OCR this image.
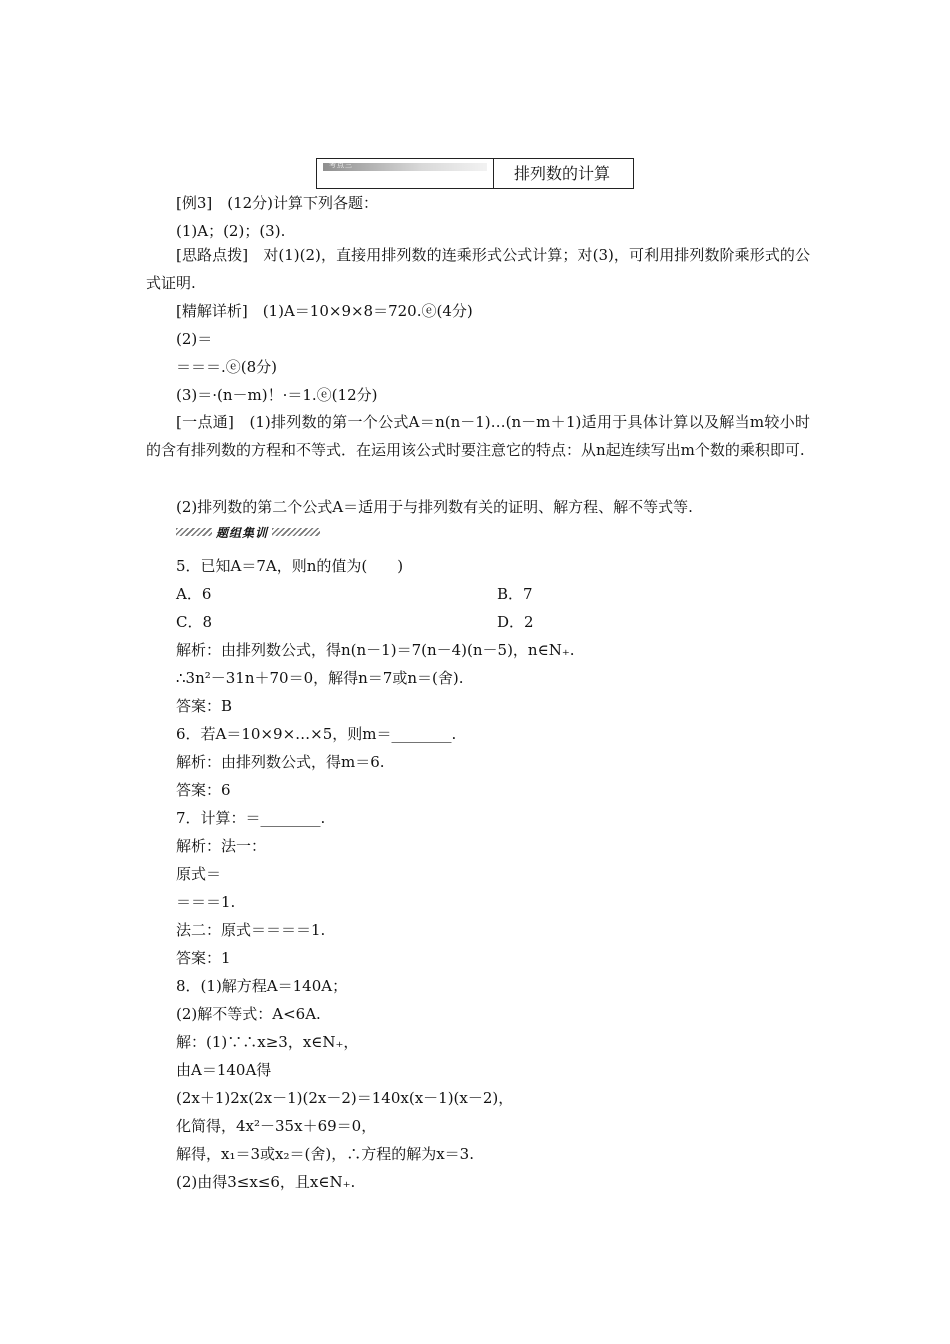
考点三	排列数的计算
[例3]　(12分)计算下列各题：
(1)A；(2)；(3).
[思路点拨]　对(1)(2)，直接用排列数的连乘形式公式计算；对(3)，可利用排列数阶乘形式的公式证明.
[精解详析]　(1)A＝10×9×8＝720.ⓔ(4分)
(2)＝
＝＝＝.ⓔ(8分)
(3)＝·(n－m)！·＝1.ⓔ(12分)
[一点通]　(1)排列数的第一个公式A＝n(n－1)…(n－m＋1)适用于具体计算以及解当m较小时的含有排列数的方程和不等式．在运用该公式时要注意它的特点：从n起连续写出m个数的乘积即可.
(2)排列数的第二个公式A＝适用于与排列数有关的证明、解方程、解不等式等.
题组集训
5．已知A＝7A，则n的值为(　　)
A．6	B．7
C．8	D．2
解析：由排列数公式，得n(n－1)＝7(n－4)(n－5)，n∈N₊.
∴3n²－31n＋70＝0，解得n＝7或n＝(舍).
答案：B
6．若A＝10×9×…×5，则m＝________.
解析：由排列数公式，得m＝6.
答案：6
7．计算：＝________.
解析：法一：
原式＝
＝＝＝1.
法二：原式＝＝＝＝1.
答案：1
8．(1)解方程A＝140A；
(2)解不等式：A<6A.
解：(1)∵∴x≥3，x∈N₊，
由A＝140A得
(2x＋1)2x(2x－1)(2x－2)＝140x(x－1)(x－2)，
化简得，4x²－35x＋69＝0，
解得，x₁＝3或x₂＝(舍)，∴方程的解为x＝3.
(2)由得3≤x≤6，且x∈N₊.
